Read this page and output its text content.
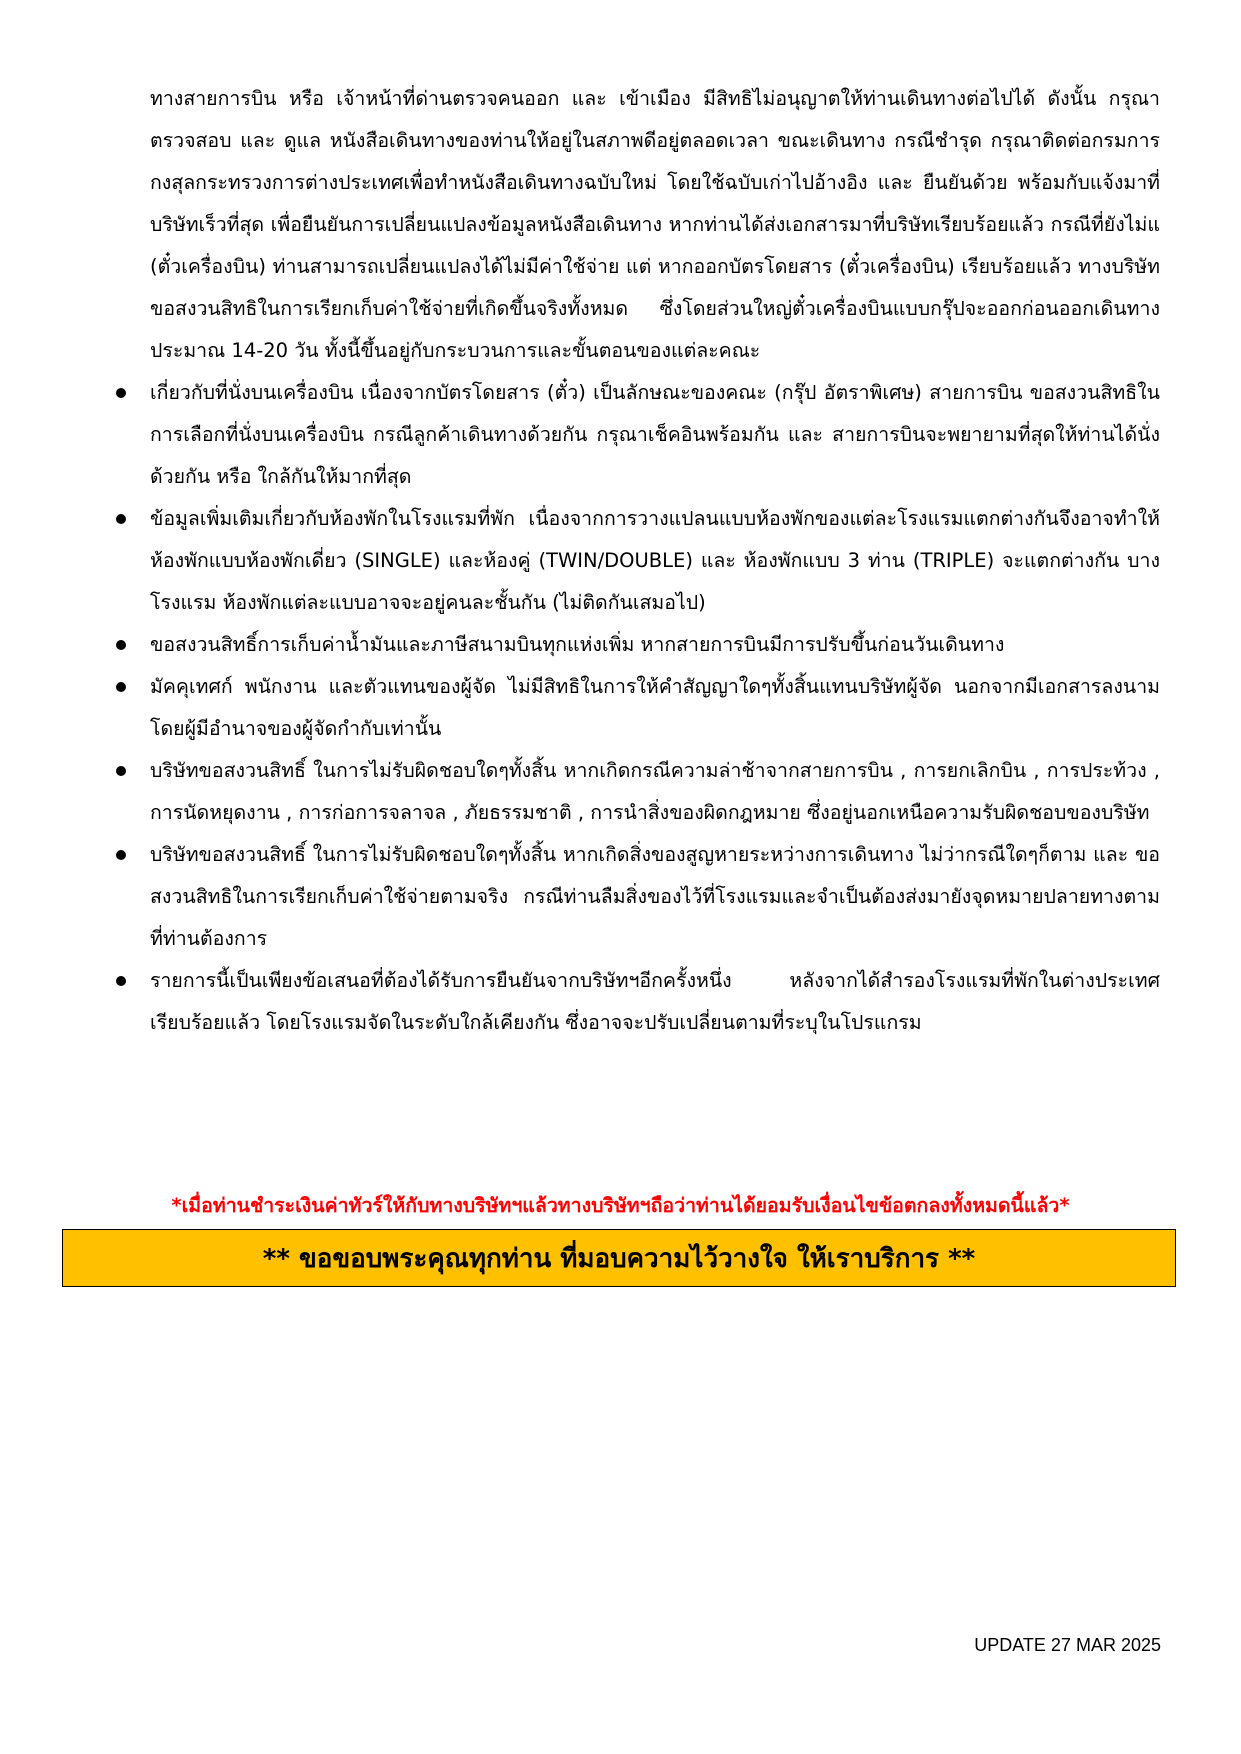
ทางสายการบิน หรือ เจ้าหน้าที่ด่านตรวจคนออก และ เข้าเมือง มีสิทธิไม่อนุญาตให้ท่านเดินทางต่อไปได้ ดังนั้น กรุณาตรวจสอบ และ ดูแล หนังสือเดินทางของท่านให้อยู่ในสภาพดีอยู่ตลอดเวลา ขณะเดินทาง กรณีชำรุด กรุณาติดต่อกรมการกงสุลกระทรวงการต่างประเทศเพื่อทำหนังสือเดินทางฉบับใหม่ โดยใช้ฉบับเก่าไปอ้างอิง และ ยืนยันด้วย พร้อมกับแจ้งมาที่บริษัทเร็วที่สุด เพื่อยืนยันการเปลี่ยนแปลงข้อมูลหนังสือเดินทาง หากท่านได้ส่งเอกสารมาที่บริษัทเรียบร้อยแล้ว กรณีที่ยังไม่แ (ตั๋วเครื่องบิน) ท่านสามารถเปลี่ยนแปลงได้ไม่มีค่าใช้จ่าย แต่ หากออกบัตรโดยสาร (ตั๋วเครื่องบิน) เรียบร้อยแล้ว ทางบริษัทขอสงวนสิทธิในการเรียกเก็บค่าใช้จ่ายที่เกิดขึ้นจริงทั้งหมด ซึ่งโดยส่วนใหญ่ตั๋วเครื่องบินแบบกรุ๊ปจะออกก่อนออกเดินทางประมาณ 14-20 วัน ทั้งนี้ขึ้นอยู่กับกระบวนการและขั้นตอนของแต่ละคณะ

เกี่ยวกับที่นั่งบนเครื่องบิน เนื่องจากบัตรโดยสาร (ตั๋ว) เป็นลักษณะของคณะ (กรุ๊ป อัตราพิเศษ) สายการบิน ขอสงวนสิทธิในการเลือกที่นั่งบนเครื่องบิน กรณีลูกค้าเดินทางด้วยกัน กรุณาเช็คอินพร้อมกัน และ สายการบินจะพยายามที่สุดให้ท่านได้นั่งด้วยกัน หรือ ใกล้กันให้มากที่สุด
ข้อมูลเพิ่มเติมเกี่ยวกับห้องพักในโรงแรมที่พัก เนื่องจากการวางแปลนแบบห้องพักของแต่ละโรงแรมแตกต่างกันจึงอาจทำให้ห้องพักแบบห้องพักเดี่ยว (SINGLE) และห้องคู่ (TWIN/DOUBLE) และ ห้องพักแบบ 3 ท่าน (TRIPLE) จะแตกต่างกัน บางโรงแรม ห้องพักแต่ละแบบอาจจะอยู่คนละชั้นกัน (ไม่ติดกันเสมอไป)
ขอสงวนสิทธิ์การเก็บค่าน้ำมันและภาษีสนามบินทุกแห่งเพิ่ม หากสายการบินมีการปรับขึ้นก่อนวันเดินทาง
มัคคุเทศก์ พนักงาน และตัวแทนของผู้จัด ไม่มีสิทธิในการให้คำสัญญาใดๆทั้งสิ้นแทนบริษัทผู้จัด นอกจากมีเอกสารลงนามโดยผู้มีอำนาจของผู้จัดกำกับเท่านั้น
บริษัทขอสงวนสิทธิ์ ในการไม่รับผิดชอบใดๆทั้งสิ้น หากเกิดกรณีความล่าช้าจากสายการบิน , การยกเลิกบิน , การประท้วง , การนัดหยุดงาน , การก่อการจลาจล , ภัยธรรมชาติ , การนำสิ่งของผิดกฎหมาย ซึ่งอยู่นอกเหนือความรับผิดชอบของบริษัท
บริษัทขอสงวนสิทธิ์ ในการไม่รับผิดชอบใดๆทั้งสิ้น หากเกิดสิ่งของสูญหายระหว่างการเดินทาง ไม่ว่ากรณีใดๆก็ตาม และ ขอสงวนสิทธิในการเรียกเก็บค่าใช้จ่ายตามจริง กรณีท่านลืมสิ่งของไว้ที่โรงแรมและจำเป็นต้องส่งมายังจุดหมายปลายทางตามที่ท่านต้องการ
รายการนี้เป็นเพียงข้อเสนอที่ต้องได้รับการยืนยันจากบริษัทฯอีกครั้งหนึ่ง หลังจากได้สำรองโรงแรมที่พักในต่างประเทศเรียบร้อยแล้ว โดยโรงแรมจัดในระดับใกล้เคียงกัน ซึ่งอาจจะปรับเปลี่ยนตามที่ระบุในโปรแกรม
*เมื่อท่านชำระเงินค่าทัวร์ให้กับทางบริษัทฯแล้วทางบริษัทฯถือว่าท่านได้ยอมรับเงื่อนไขข้อตกลงทั้งหมดนี้แล้ว*
** ขอขอบพระคุณทุกท่าน ที่มอบความไว้วางใจ ให้เราบริการ **
UPDATE 27 MAR 2025
